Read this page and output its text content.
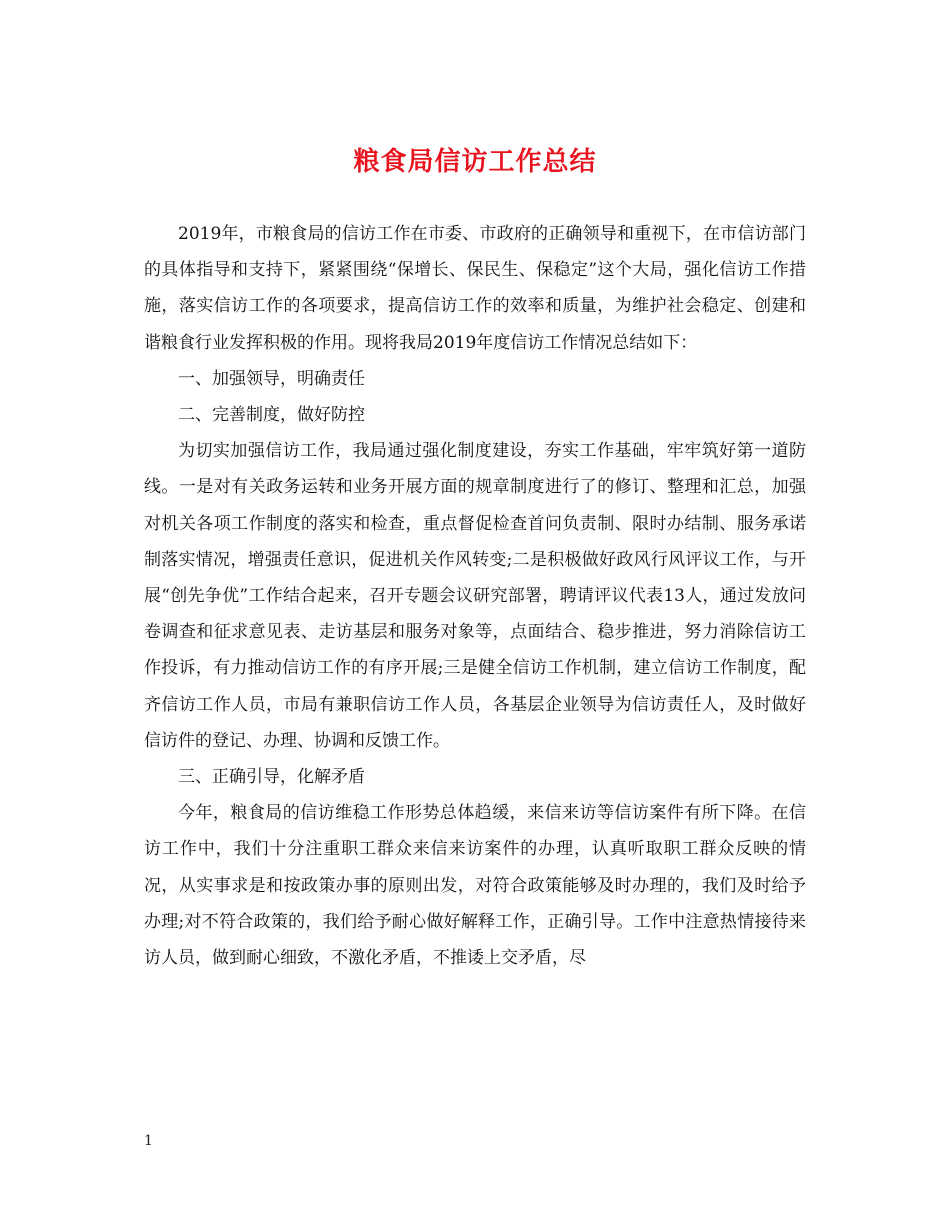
粮食局信访工作总结

2019年，市粮食局的信访工作在市委、市政府的正确领导和重视下，在市信访部门的具体指导和支持下，紧紧围绕“保增长、保民生、保稳定”这个大局，强化信访工作措施，落实信访工作的各项要求，提高信访工作的效率和质量，为维护社会稳定、创建和谐粮食行业发挥积极的作用。现将我局2019年度信访工作情况总结如下：

一、加强领导，明确责任

二、完善制度，做好防控

为切实加强信访工作，我局通过强化制度建设，夯实工作基础，牢牢筑好第一道防线。一是对有关政务运转和业务开展方面的规章制度进行了的修订、整理和汇总，加强对机关各项工作制度的落实和检查，重点督促检查首问负责制、限时办结制、服务承诺制落实情况，增强责任意识，促进机关作风转变;二是积极做好政风行风评议工作，与开展“创先争优”工作结合起来，召开专题会议研究部署，聘请评议代表13人，通过发放问卷调查和征求意见表、走访基层和服务对象等，点面结合、稳步推进，努力消除信访工作投诉，有力推动信访工作的有序开展;三是健全信访工作机制，建立信访工作制度，配齐信访工作人员，市局有兼职信访工作人员，各基层企业领导为信访责任人，及时做好信访件的登记、办理、协调和反馈工作。

三、正确引导，化解矛盾

今年，粮食局的信访维稳工作形势总体趋缓，来信来访等信访案件有所下降。在信访工作中，我们十分注重职工群众来信来访案件的办理，认真听取职工群众反映的情况，从实事求是和按政策办事的原则出发，对符合政策能够及时办理的，我们及时给予办理;对不符合政策的，我们给予耐心做好解释工作，正确引导。工作中注意热情接待来访人员，做到耐心细致，不激化矛盾，不推诿上交矛盾，尽

1
